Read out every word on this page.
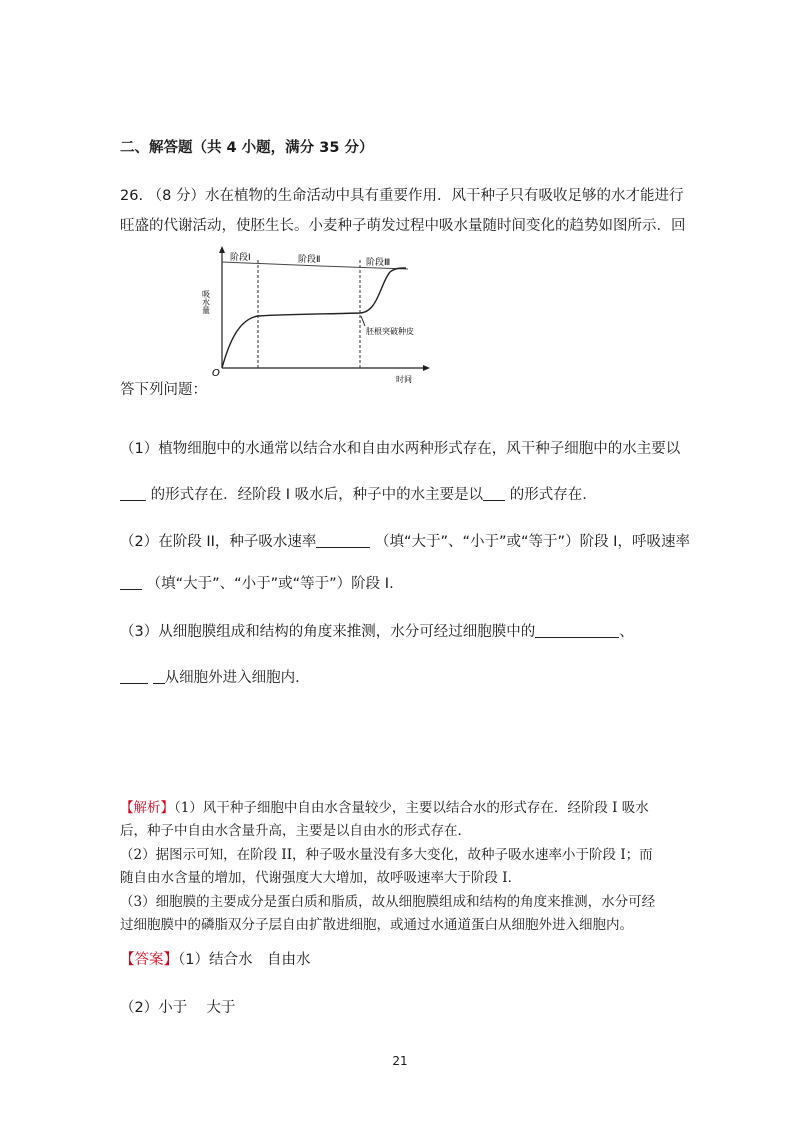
二、解答题（共 4 小题，满分 35 分）
26. （8 分）水在植物的生命活动中具有重要作用．风干种子只有吸收足够的水才能进行
旺盛的代谢活动，使胚生长。小麦种子萌发过程中吸水量随时间变化的趋势如图所示．回
阶段Ⅰ	阶段Ⅱ	阶段Ⅲ
吸水量
时间
O
胚根突破种皮
答下列问题：
（1）植物细胞中的水通常以结合水和自由水两种形式存在，风干种子细胞中的水主要以
的形式存在．经阶段 I 吸水后，种子中的水主要是以 的形式存在.
（2）在阶段 II，种子吸水速率	（填“大于”、“小于”或“等于”）阶段 I，呼吸速率
（填“大于”、“小于”或“等于”）阶段 I.
（3）从细胞膜组成和结构的角度来推测，水分可经过细胞膜中的	、
从细胞外进入细胞内.
【解析】（1）风干种子细胞中自由水含量较少，主要以结合水的形式存在．经阶段 I 吸水
后，种子中自由水含量升高，主要是以自由水的形式存在．
（2）据图示可知，在阶段 II，种子吸水量没有多大变化，故种子吸水速率小于阶段 I；而
随自由水含量的增加，代谢强度大大增加，故呼吸速率大于阶段 I．
（3）细胞膜的主要成分是蛋白质和脂质，故从细胞膜组成和结构的角度来推测，水分可经
过细胞膜中的磷脂双分子层自由扩散进细胞，或通过水通道蛋白从细胞外进入细胞内。
【答案】（1）结合水　自由水
（2）小于　 大于
21
